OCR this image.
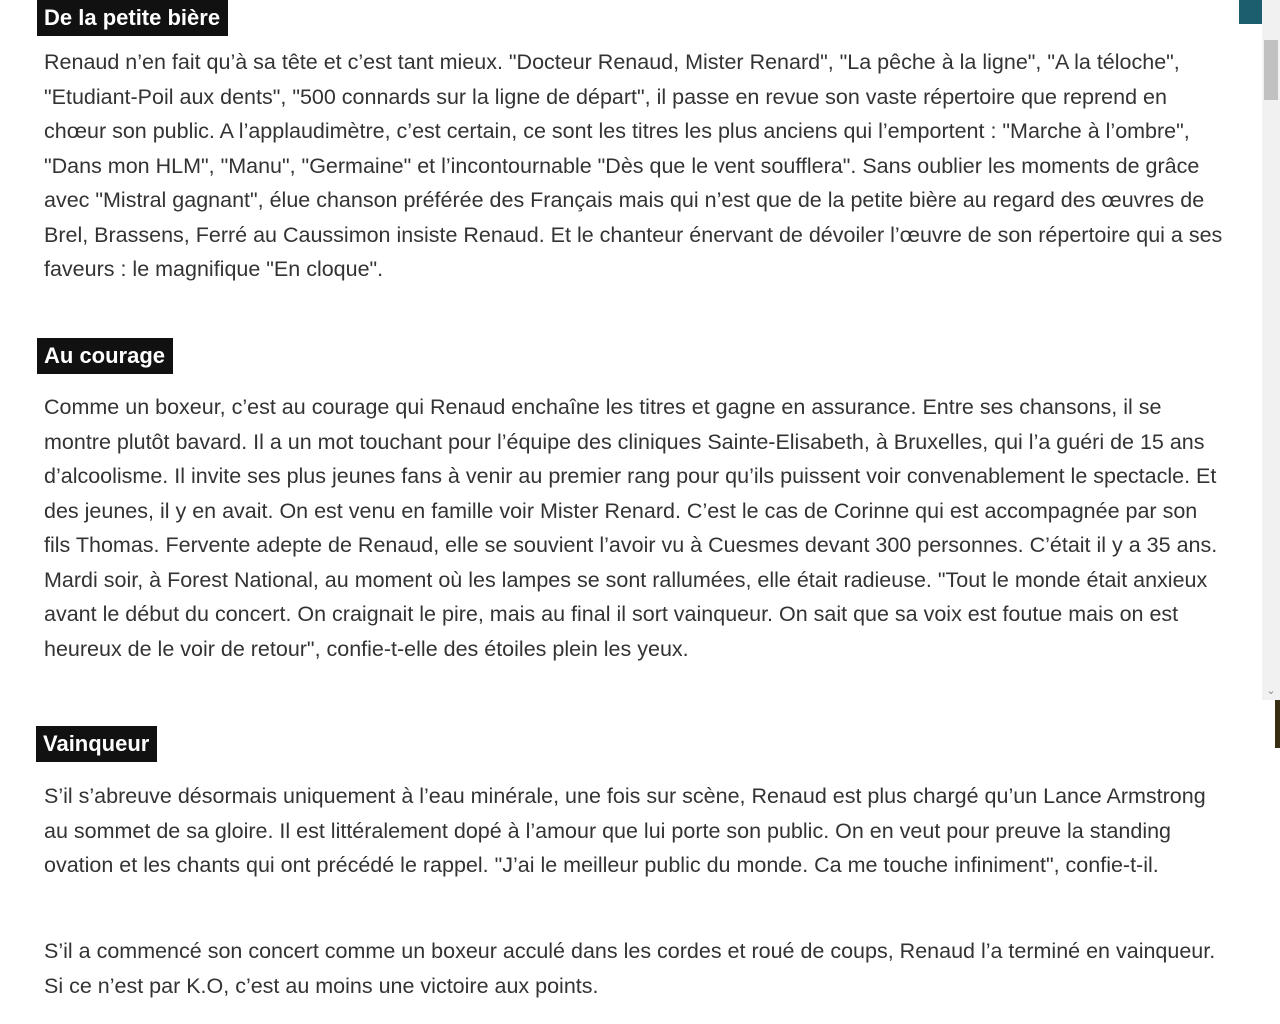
De la petite bière

Renaud n’en fait qu’à sa tête et c’est tant mieux. "Docteur Renaud, Mister Renard", "La pêche à la ligne", "A la téloche", "Etudiant-Poil aux dents", "500 connards sur la ligne de départ", il passe en revue son vaste répertoire que reprend en chœur son public. A l’applaudimètre, c’est certain, ce sont les titres les plus anciens qui l’emportent : "Marche à l’ombre", "Dans mon HLM", "Manu", "Germaine" et l’incontournable "Dès que le vent soufflera". Sans oublier les moments de grâce avec "Mistral gagnant", élue chanson préférée des Français mais qui n’est que de la petite bière au regard des œuvres de Brel, Brassens, Ferré au Caussimon insiste Renaud. Et le chanteur énervant de dévoiler l’œuvre de son répertoire qui a ses faveurs : le magnifique "En cloque".

Au courage

Comme un boxeur, c’est au courage qui Renaud enchaîne les titres et gagne en assurance. Entre ses chansons, il se montre plutôt bavard. Il a un mot touchant pour l’équipe des cliniques Sainte-Elisabeth, à Bruxelles, qui l’a guéri de 15 ans d’alcoolisme. Il invite ses plus jeunes fans à venir au premier rang pour qu’ils puissent voir convenablement le spectacle. Et des jeunes, il y en avait. On est venu en famille voir Mister Renard. C’est le cas de Corinne qui est accompagnée par son fils Thomas. Fervente adepte de Renaud, elle se souvient l’avoir vu à Cuesmes devant 300 personnes. C’était il y a 35 ans. Mardi soir, à Forest National, au moment où les lampes se sont rallumées, elle était radieuse. "Tout le monde était anxieux avant le début du concert. On craignait le pire, mais au final il sort vainqueur. On sait que sa voix est foutue mais on est heureux de le voir de retour", confie-t-elle des étoiles plein les yeux.

Vainqueur

S’il s’abreuve désormais uniquement à l’eau minérale, une fois sur scène, Renaud est plus chargé qu’un Lance Armstrong au sommet de sa gloire. Il est littéralement dopé à l’amour que lui porte son public. On en veut pour preuve la standing ovation et les chants qui ont précédé le rappel. "J’ai le meilleur public du monde. Ca me touche infiniment", confie-t-il.

S’il a commencé son concert comme un boxeur acculé dans les cordes et roué de coups, Renaud l’a terminé en vainqueur. Si ce n’est par K.O, c’est au moins une victoire aux points.

⌄
